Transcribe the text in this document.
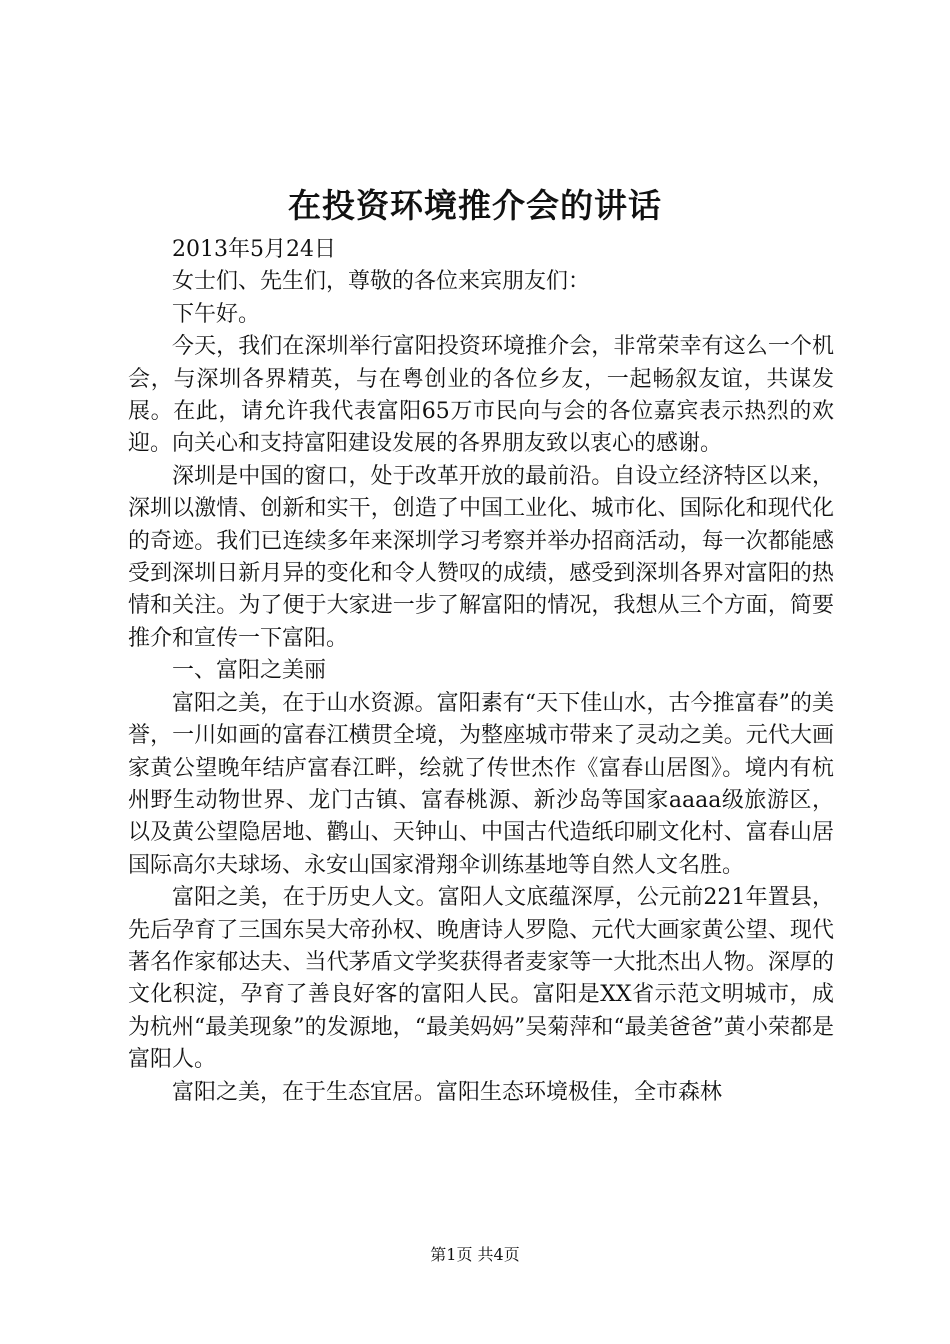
在投资环境推介会的讲话

2013年5月24日

女士们、先生们，尊敬的各位来宾朋友们：

下午好。

今天，我们在深圳举行富阳投资环境推介会，非常荣幸有这么一个机会，与深圳各界精英，与在粤创业的各位乡友，一起畅叙友谊，共谋发展。在此，请允许我代表富阳65万市民向与会的各位嘉宾表示热烈的欢迎。向关心和支持富阳建设发展的各界朋友致以衷心的感谢。

深圳是中国的窗口，处于改革开放的最前沿。自设立经济特区以来，深圳以激情、创新和实干，创造了中国工业化、城市化、国际化和现代化的奇迹。我们已连续多年来深圳学习考察并举办招商活动，每一次都能感受到深圳日新月异的变化和令人赞叹的成绩，感受到深圳各界对富阳的热情和关注。为了便于大家进一步了解富阳的情况，我想从三个方面，简要推介和宣传一下富阳。

一、富阳之美丽

富阳之美，在于山水资源。富阳素有“天下佳山水，古今推富春”的美誉，一川如画的富春江横贯全境，为整座城市带来了灵动之美。元代大画家黄公望晚年结庐富春江畔，绘就了传世杰作《富春山居图》。境内有杭州野生动物世界、龙门古镇、富春桃源、新沙岛等国家aaaa级旅游区，以及黄公望隐居地、鹳山、天钟山、中国古代造纸印刷文化村、富春山居国际高尔夫球场、永安山国家滑翔伞训练基地等自然人文名胜。

富阳之美，在于历史人文。富阳人文底蕴深厚，公元前221年置县，先后孕育了三国东吴大帝孙权、晚唐诗人罗隐、元代大画家黄公望、现代著名作家郁达夫、当代茅盾文学奖获得者麦家等一大批杰出人物。深厚的文化积淀，孕育了善良好客的富阳人民。富阳是XX省示范文明城市，成为杭州“最美现象”的发源地，“最美妈妈”吴菊萍和“最美爸爸”黄小荣都是富阳人。

富阳之美，在于生态宜居。富阳生态环境极佳，全市森林

第1页 共4页
